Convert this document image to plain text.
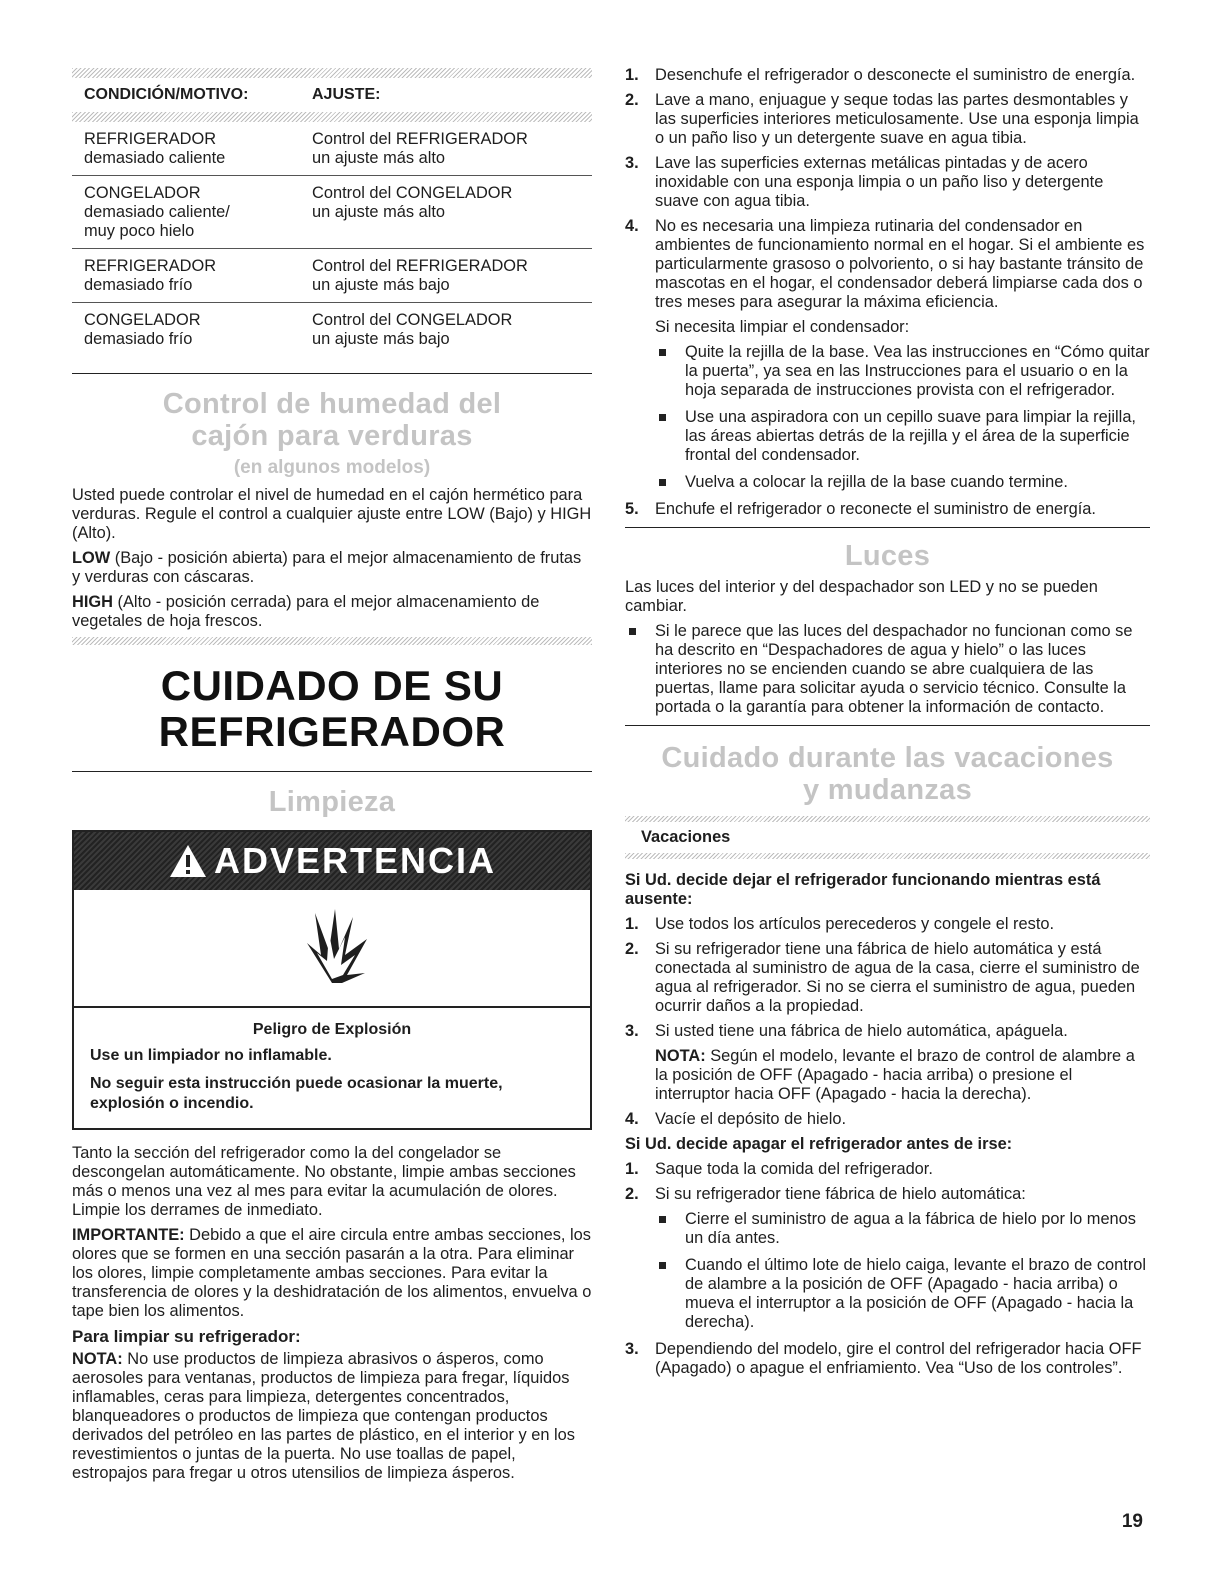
CONDICIÓN/MOTIVO:	AJUSTE:
REFRIGERADOR
demasiado caliente
Control del REFRIGERADOR
un ajuste más alto
CONGELADOR
demasiado caliente/
muy poco hielo
Control del CONGELADOR
un ajuste más alto
REFRIGERADOR
demasiado frío
Control del REFRIGERADOR
un ajuste más bajo
CONGELADOR
demasiado frío
Control del CONGELADOR
un ajuste más bajo
Control de humedad del
cajón para verduras
(en algunos modelos)

Usted puede controlar el nivel de humedad en el cajón hermético para verduras. Regule el control a cualquier ajuste entre LOW (Bajo) y HIGH (Alto).

LOW (Bajo - posición abierta) para el mejor almacenamiento de frutas y verduras con cáscaras.

HIGH (Alto - posición cerrada) para el mejor almacenamiento de vegetales de hoja frescos.

CUIDADO DE SU
REFRIGERADOR
Limpieza
ADVERTENCIA
Peligro de Explosión
Use un limpiador no inflamable.
No seguir esta instrucción puede ocasionar la muerte, explosión o incendio.

Tanto la sección del refrigerador como la del congelador se descongelan automáticamente. No obstante, limpie ambas secciones más o menos una vez al mes para evitar la acumulación de olores. Limpie los derrames de inmediato.

IMPORTANTE: Debido a que el aire circula entre ambas secciones, los olores que se formen en una sección pasarán a la otra. Para eliminar los olores, limpie completamente ambas secciones. Para evitar la transferencia de olores y la deshidratación de los alimentos, envuelva o tape bien los alimentos.

Para limpiar su refrigerador:

NOTA: No use productos de limpieza abrasivos o ásperos, como aerosoles para ventanas, productos de limpieza para fregar, líquidos inflamables, ceras para limpieza, detergentes concentrados, blanqueadores o productos de limpieza que contengan productos derivados del petróleo en las partes de plástico, en el interior y en los revestimientos o juntas de la puerta. No use toallas de papel, estropajos para fregar u otros utensilios de limpieza ásperos.

1. Desenchufe el refrigerador o desconecte el suministro de energía.
2. Lave a mano, enjuague y seque todas las partes desmontables y las superficies interiores meticulosamente. Use una esponja limpia o un paño liso y un detergente suave en agua tibia.
3. Lave las superficies externas metálicas pintadas y de acero inoxidable con una esponja limpia o un paño liso y detergente suave con agua tibia.
4. No es necesaria una limpieza rutinaria del condensador en ambientes de funcionamiento normal en el hogar. Si el ambiente es particularmente grasoso o polvoriento, o si hay bastante tránsito de mascotas en el hogar, el condensador deberá limpiarse cada dos o tres meses para asegurar la máxima eficiencia.
Si necesita limpiar el condensador:
Quite la rejilla de la base. Vea las instrucciones en “Cómo quitar la puerta”, ya sea en las Instrucciones para el usuario o en la hoja separada de instrucciones provista con el refrigerador.
Use una aspiradora con un cepillo suave para limpiar la rejilla, las áreas abiertas detrás de la rejilla y el área de la superficie frontal del condensador.
Vuelva a colocar la rejilla de la base cuando termine.
5. Enchufe el refrigerador o reconecte el suministro de energía.
Luces

Las luces del interior y del despachador son LED y no se pueden cambiar.

Si le parece que las luces del despachador no funcionan como se ha descrito en “Despachadores de agua y hielo” o las luces interiores no se encienden cuando se abre cualquiera de las puertas, llame para solicitar ayuda o servicio técnico. Consulte la portada o la garantía para obtener la información de contacto.
Cuidado durante las vacaciones
y mudanzas
Vacaciones
Si Ud. decide dejar el refrigerador funcionando mientras está ausente:
1. Use todos los artículos perecederos y congele el resto.
2. Si su refrigerador tiene una fábrica de hielo automática y está conectada al suministro de agua de la casa, cierre el suministro de agua al refrigerador. Si no se cierra el suministro de agua, pueden ocurrir daños a la propiedad.
3. Si usted tiene una fábrica de hielo automática, apáguela.
NOTA: Según el modelo, levante el brazo de control de alambre a la posición de OFF (Apagado - hacia arriba) o presione el interruptor hacia OFF (Apagado - hacia la derecha).
4. Vacíe el depósito de hielo.
Si Ud. decide apagar el refrigerador antes de irse:
1. Saque toda la comida del refrigerador.
2. Si su refrigerador tiene fábrica de hielo automática:
Cierre el suministro de agua a la fábrica de hielo por lo menos un día antes.
Cuando el último lote de hielo caiga, levante el brazo de control de alambre a la posición de OFF (Apagado - hacia arriba) o mueva el interruptor a la posición de OFF (Apagado - hacia la derecha).
3. Dependiendo del modelo, gire el control del refrigerador hacia OFF (Apagado) o apague el enfriamiento. Vea “Uso de los controles”.
19
